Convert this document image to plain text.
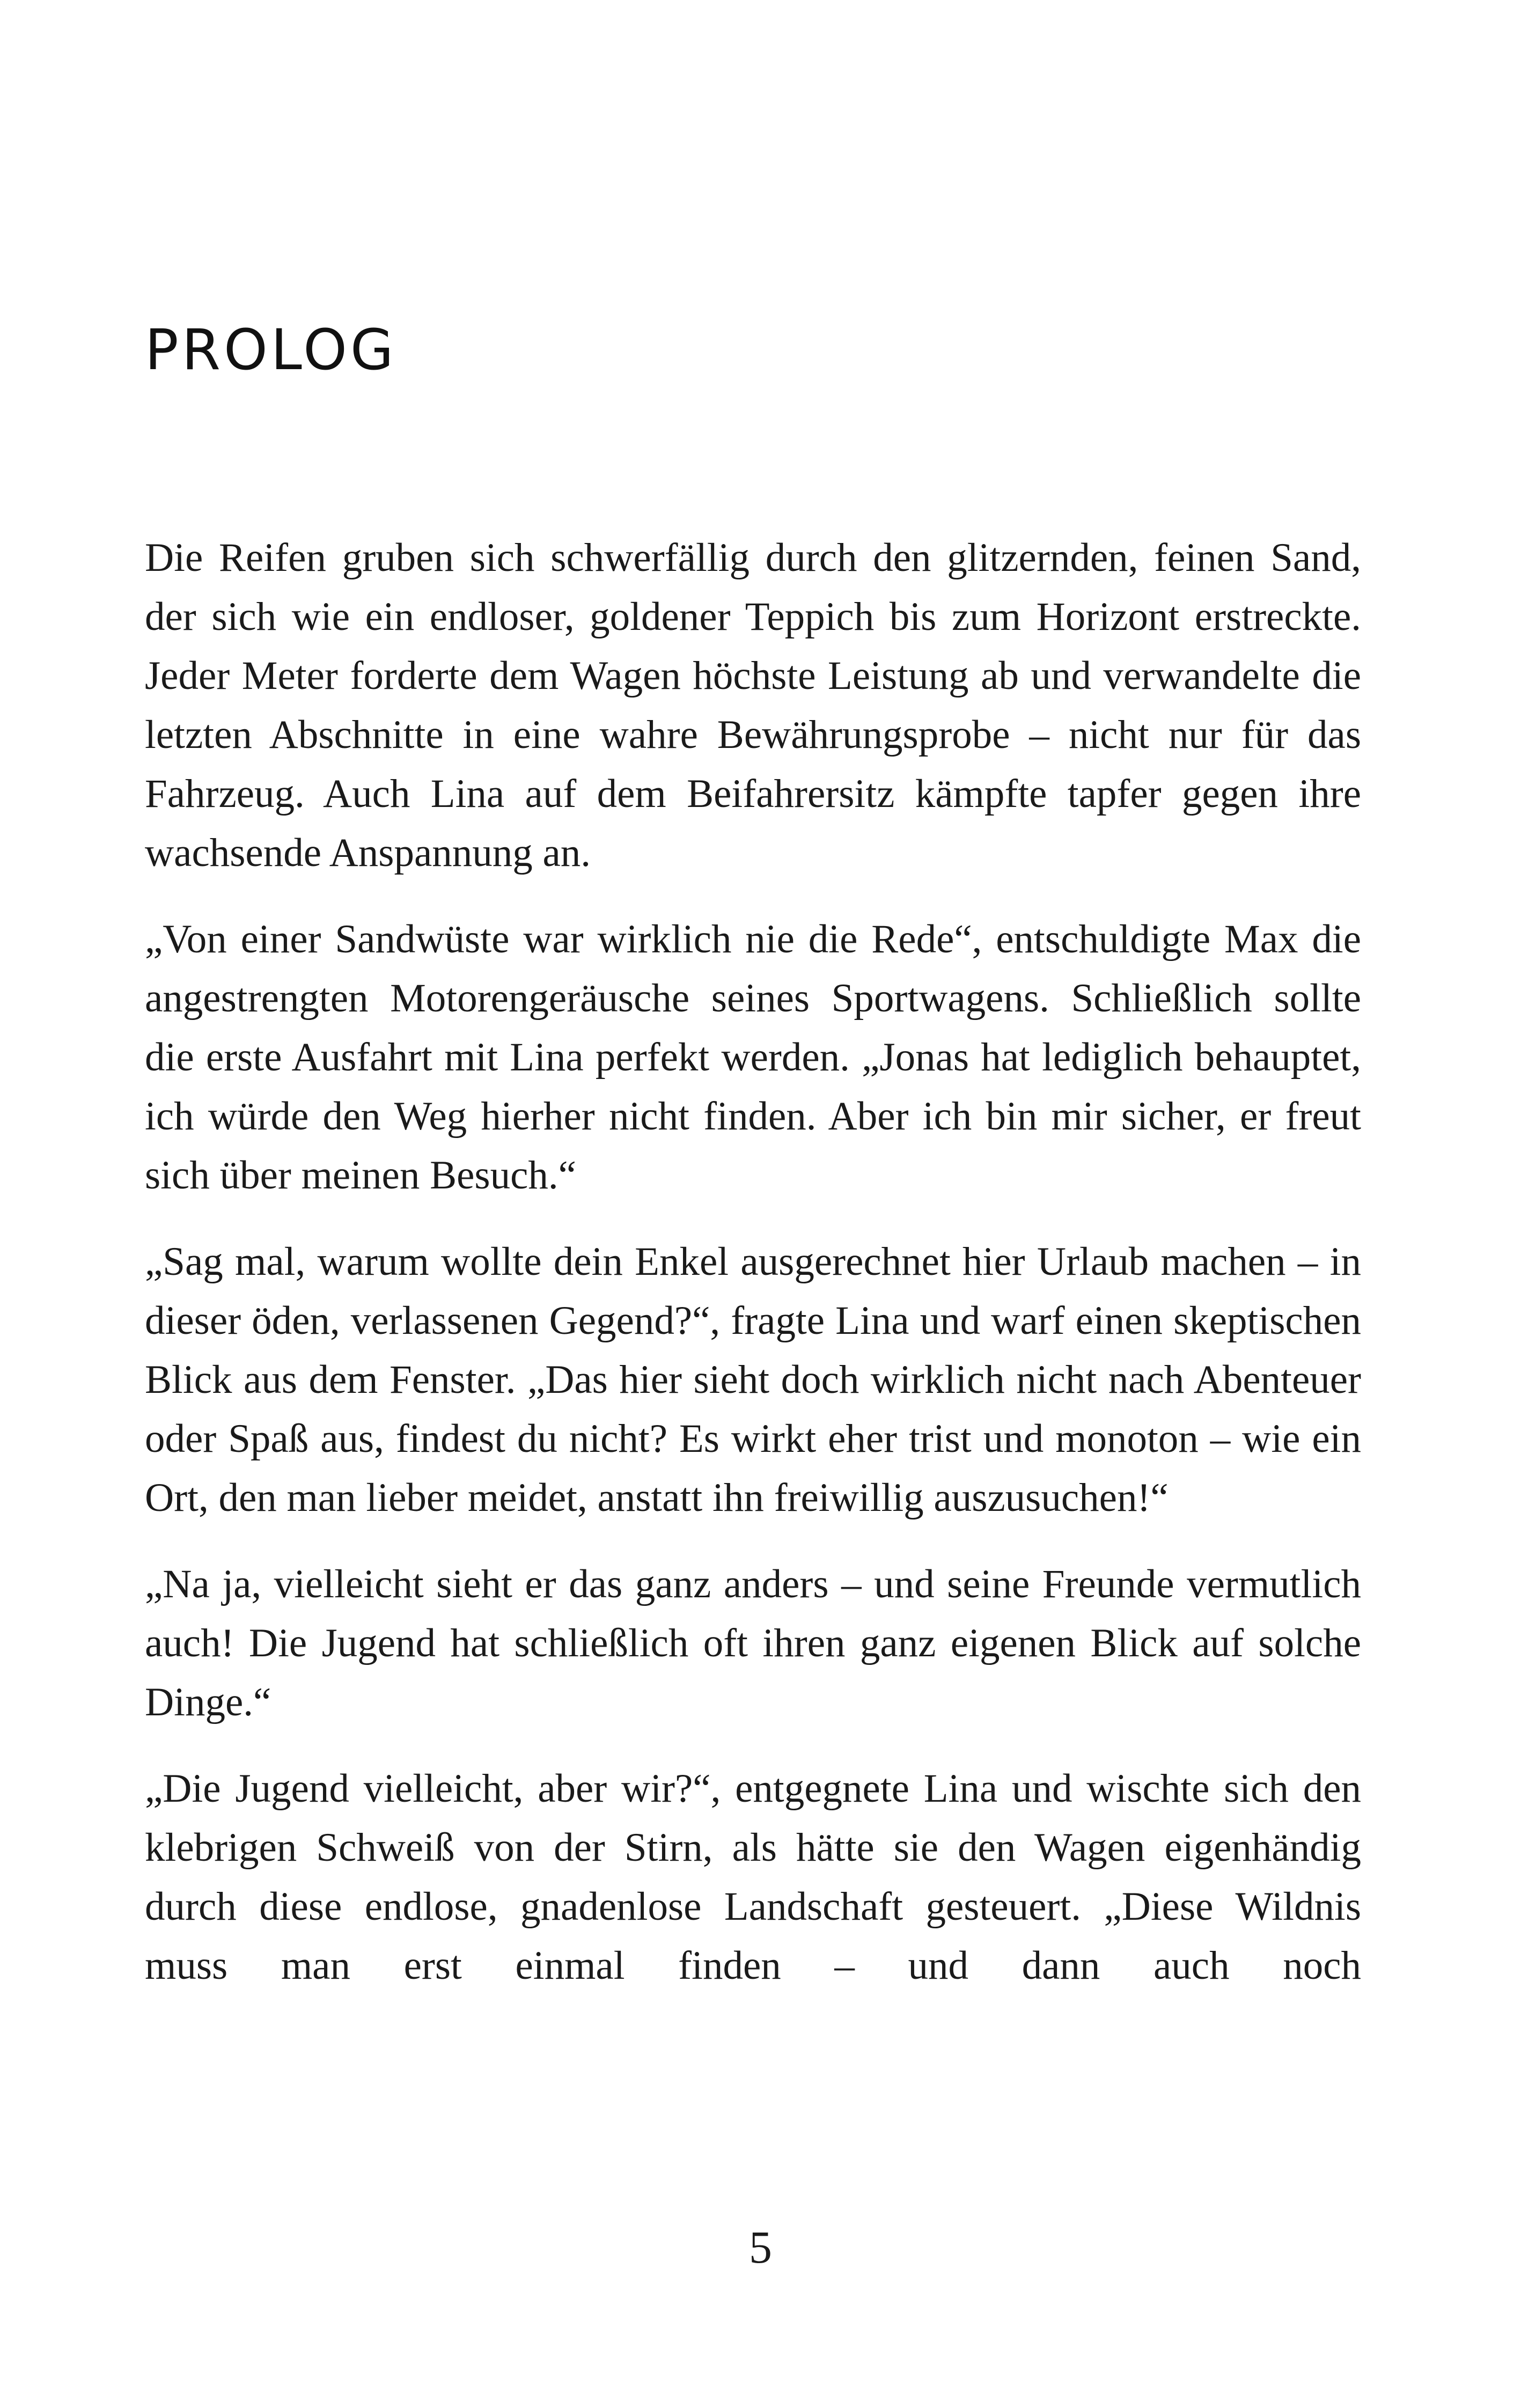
PROLOG

Die Reifen gruben sich schwerfällig durch den glitzernden, feinen Sand, der sich wie ein endloser, goldener Teppich bis zum Horizont erstreckte. Jeder Meter forderte dem Wagen höchste Leistung ab und verwandelte die letzten Abschnitte in eine wahre Bewährungsprobe – nicht nur für das Fahrzeug. Auch Lina auf dem Beifahrersitz kämpfte tapfer gegen ihre wachsende Anspannung an.

„Von einer Sandwüste war wirklich nie die Rede“, entschuldigte Max die angestrengten Motorengeräusche seines Sportwagens. Schließlich sollte die erste Ausfahrt mit Lina perfekt werden. „Jonas hat lediglich behauptet, ich würde den Weg hierher nicht finden. Aber ich bin mir sicher, er freut sich über meinen Besuch.“

„Sag mal, warum wollte dein Enkel ausgerechnet hier Urlaub machen – in dieser öden, verlassenen Gegend?“, fragte Lina und warf einen skeptischen Blick aus dem Fenster. „Das hier sieht doch wirklich nicht nach Abenteuer oder Spaß aus, findest du nicht? Es wirkt eher trist und monoton – wie ein Ort, den man lieber meidet, anstatt ihn freiwillig auszusuchen!“

„Na ja, vielleicht sieht er das ganz anders – und seine Freunde vermutlich auch! Die Jugend hat schließlich oft ihren ganz eigenen Blick auf solche Dinge.“

„Die Jugend vielleicht, aber wir?“, entgegnete Lina und wischte sich den klebrigen Schweiß von der Stirn, als hätte sie den Wagen eigenhändig durch diese endlose, gnadenlose Landschaft gesteuert. „Diese Wildnis muss man erst einmal finden – und dann auch noch

5
